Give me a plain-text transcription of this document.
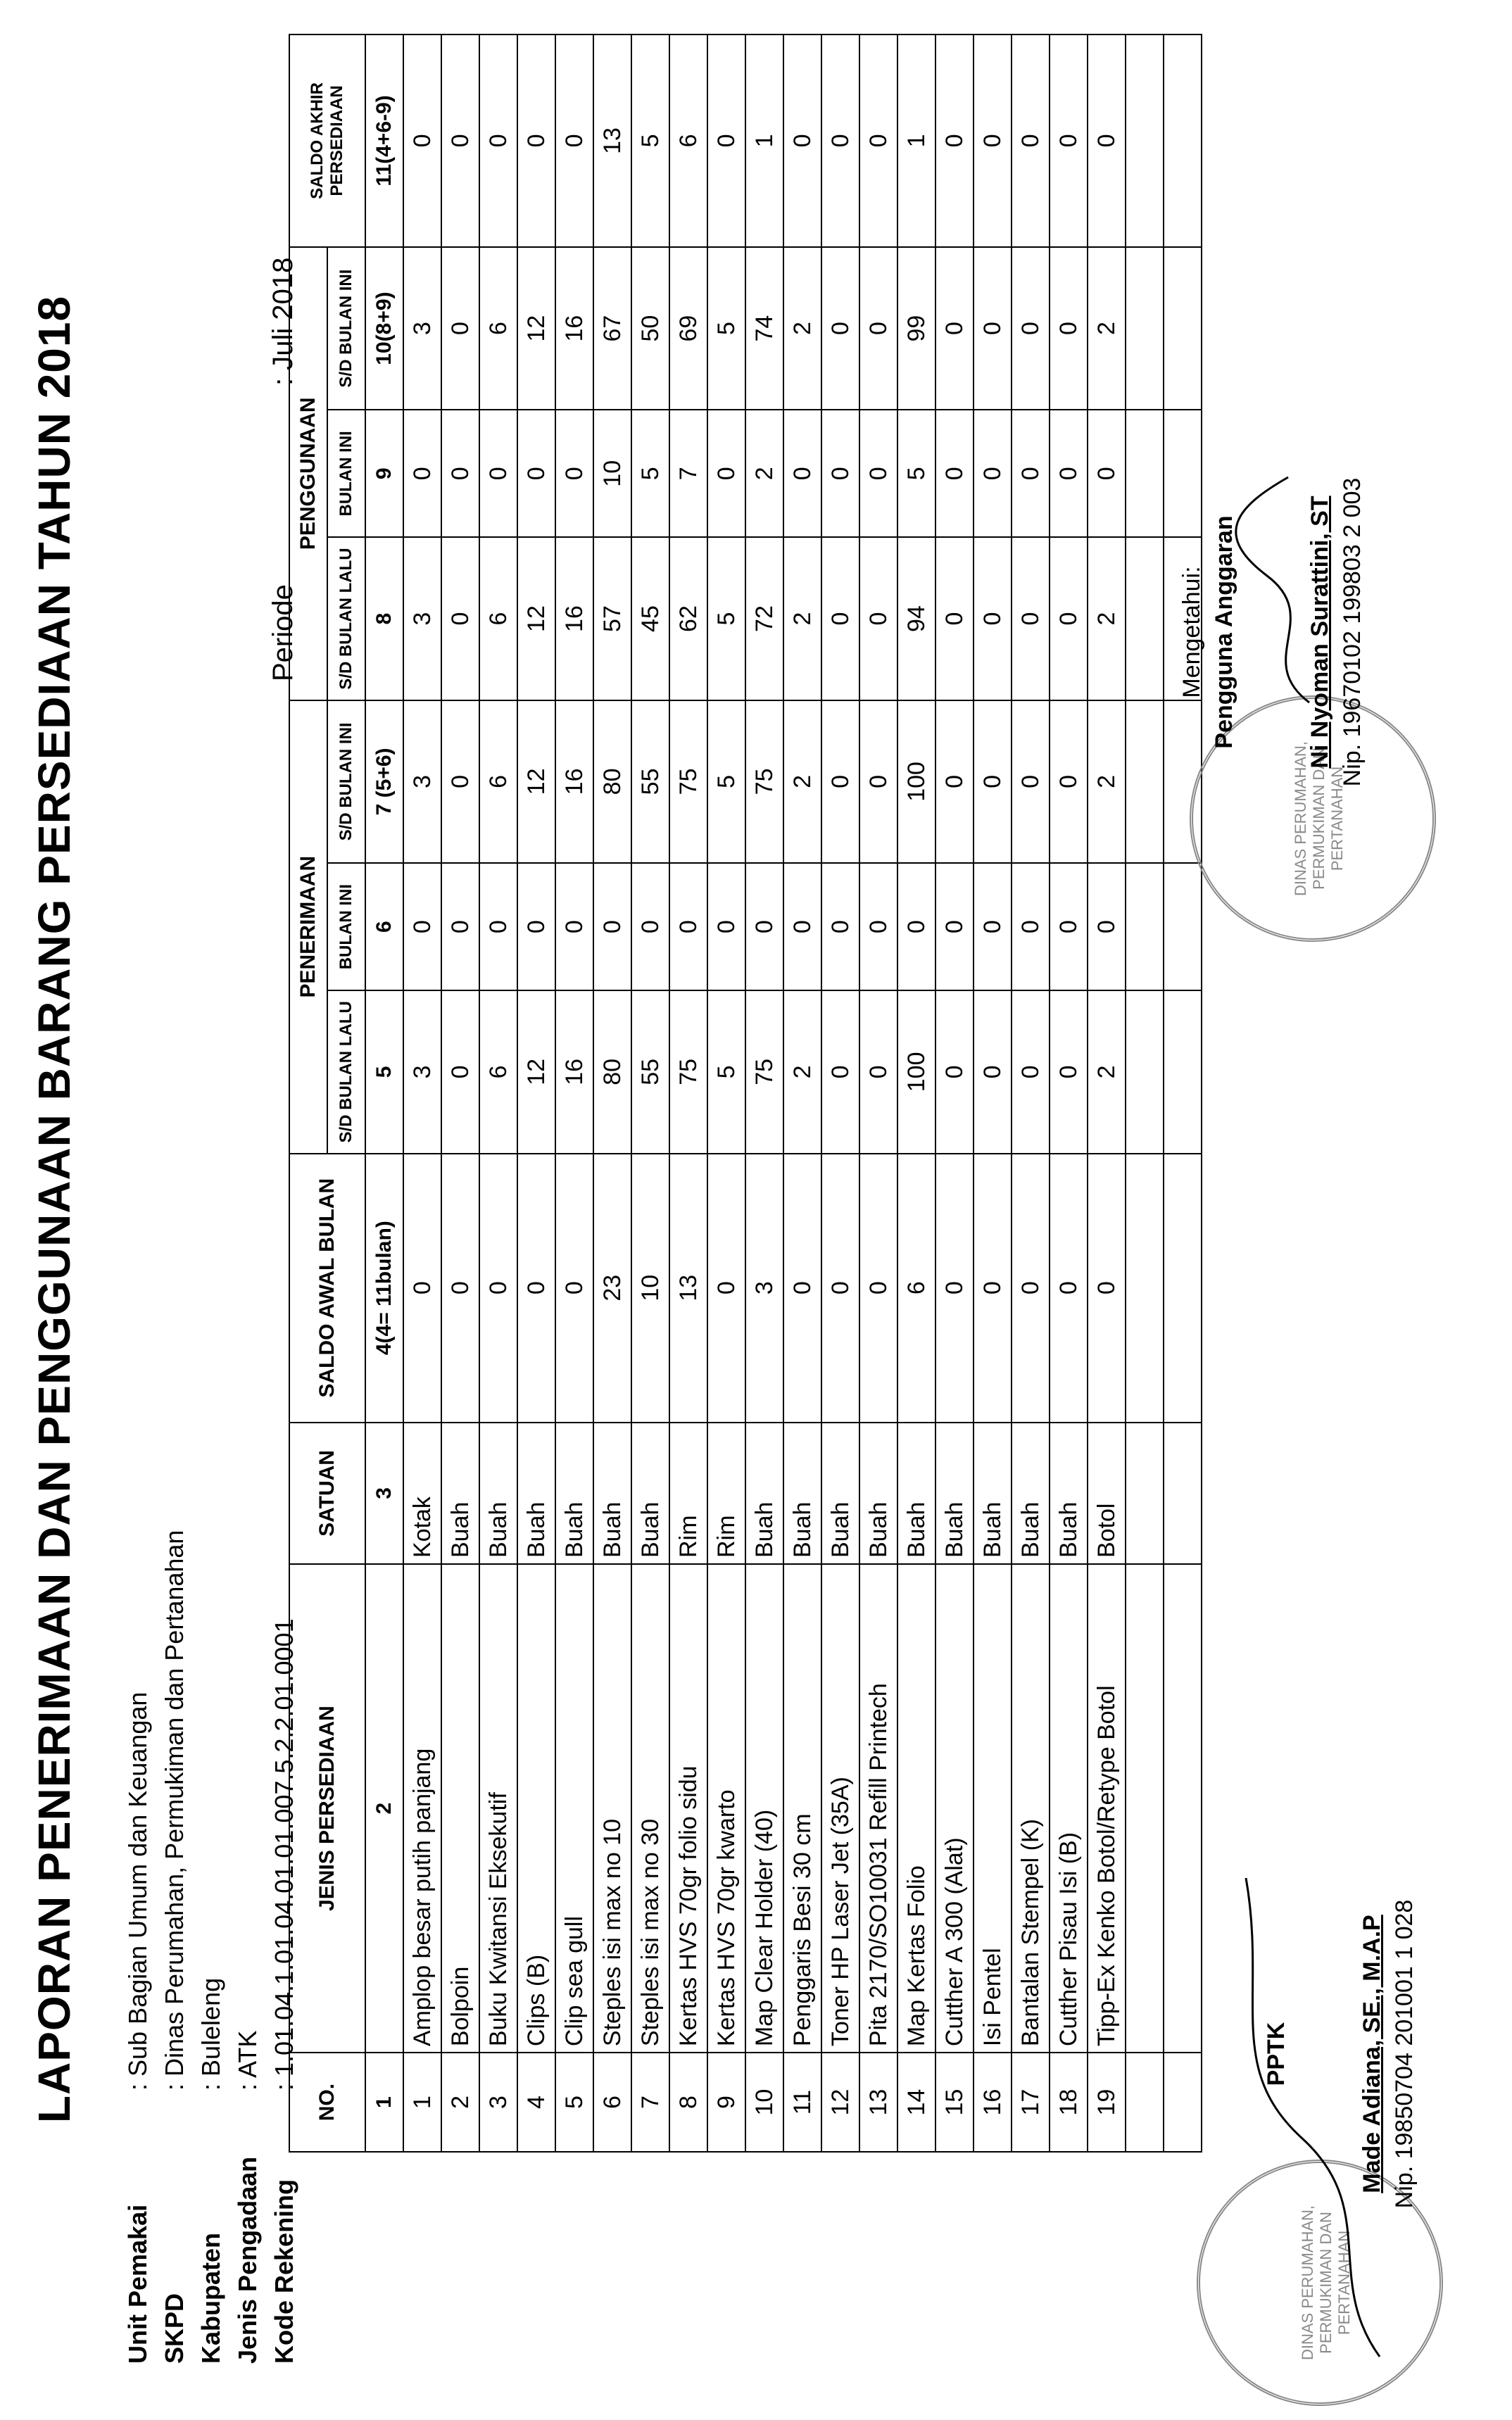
LAPORAN PENERIMAAN DAN PENGGUNAAN BARANG PERSEDIAAN TAHUN 2018
Unit Pemakai
: Sub Bagian Umum dan Keuangan
SKPD
: Dinas Perumahan, Permukiman dan Pertanahan
Kabupaten
: Buleleng
Jenis Pengadaan
: ATK
Kode Rekening
: 1.01.04.1.01.04.01.01.007.5.2.2.01.0001
Periode
: Juli 2018
NO.	JENIS PERSEDIAAN	SATUAN	SALDO AWAL BULAN	PENERIMAAN			PENGGUNAAN			SALDO AKHIR PERSEDIAAN

				S/D BULAN LALU	BULAN INI	S/D BULAN INI	S/D BULAN LALU	BULAN INI	S/D BULAN INI	
1	2	3	4(4= 11bulan)	5	6	7 (5+6)	8	9	10(8+9)	11(4+6-9)
1	Amplop besar putih panjang	Kotak	0	3	0	3	3	0	3	0
2	Bolpoin	Buah	0	0	0	0	0	0	0	0
3	Buku Kwitansi Eksekutif	Buah	0	6	0	6	6	0	6	0
4	Clips (B)	Buah	0	12	0	12	12	0	12	0
5	Clip sea gull	Buah	0	16	0	16	16	0	16	0
6	Steples isi max no 10	Buah	23	80	0	80	57	10	67	13
7	Steples isi max no 30	Buah	10	55	0	55	45	5	50	5
8	Kertas HVS 70gr folio sidu	Rim	13	75	0	75	62	7	69	6
9	Kertas HVS 70gr kwarto	Rim	0	5	0	5	5	0	5	0
10	Map Clear Holder (40)	Buah	3	75	0	75	72	2	74	1
11	Penggaris Besi 30 cm	Buah	0	2	0	2	2	0	2	0
12	Toner HP Laser Jet (35A)	Buah	0	0	0	0	0	0	0	0
13	Pita 2170/SO10031 Refill Printech	Buah	0	0	0	0	0	0	0	0
14	Map Kertas Folio	Buah	6	100	0	100	94	5	99	1
15	Cutther A 300 (Alat)	Buah	0	0	0	0	0	0	0	0
16	Isi Pentel	Buah	0	0	0	0	0	0	0	0
17	Bantalan Stempel (K)	Buah	0	0	0	0	0	0	0	0
18	Cutther Pisau Isi (B)	Buah	0	0	0	0	0	0	0	0
19	Tipp-Ex Kenko Botol/Retype Botol	Botol	0	2	0	2	2	0	2	0

DINAS PERUMAHAN, PERMUKIMAN DAN PERTANAHAN
Mengetahui: Pengguna Anggaran	Ni Nyoman Surattini, ST Nip. 19670102 199803 2 003
DINAS PERUMAHAN, PERMUKIMAN DAN PERTANAHAN
PPTK	Made Adiana, SE., M.A.P Nip. 19850704 201001 1 028
